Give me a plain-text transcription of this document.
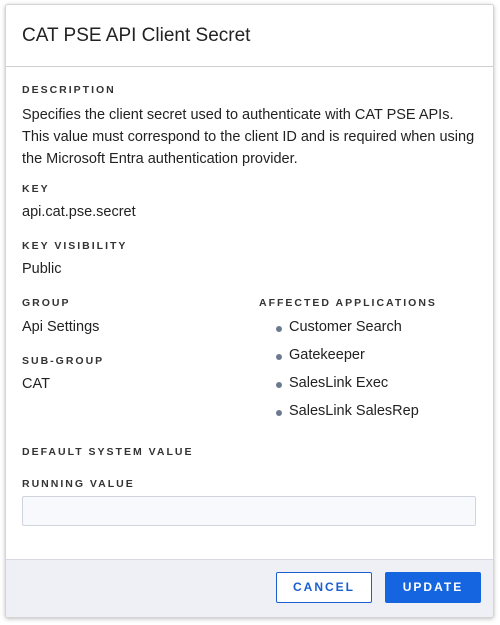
CAT PSE API Client Secret
DESCRIPTION
Specifies the client secret used to authenticate with CAT PSE APIs. This value must correspond to the client ID and is required when using the Microsoft Entra authentication provider.
KEY
api.cat.pse.secret
KEY VISIBILITY
Public
GROUP
Api Settings
SUB-GROUP
CAT
AFFECTED APPLICATIONS
Customer Search
Gatekeeper
SalesLink Exec
SalesLink SalesRep
DEFAULT SYSTEM VALUE
RUNNING VALUE
CANCEL	UPDATE
